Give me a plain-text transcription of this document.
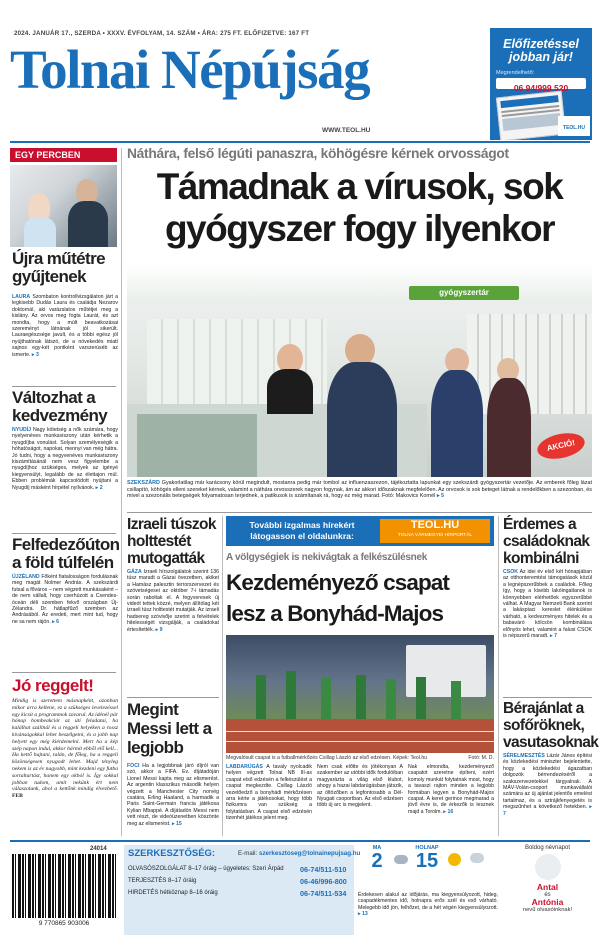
2024. JANUÁR 17., SZERDA • XXXV. ÉVFOLYAM, 14. SZÁM • ÁRA: 275 FT. ELŐFIZETVE: 167 FT
Tolnai Népújság
WWW.TEOL.HU
Előfizetéssel
jobban jár!
Megrendelhető:
06 94/999 520
TEOL.HU
EGY PERCBEN
Újra műtétre gyűjtenek
LAURA Szombaton kontrollvizsgálaton járt a legkisebb Dudás Laura és családja Nezarov doktornál, aki varázslatos műtétjei meg a kislány. Az orvos meg fogta Laurát, és azt mondta, hogy a múlt beavatkozásai szereményt látnának jól sikerült. Lauraegészsége javult, és a többi egész jól nyújthatónak látszó, de a növekedés miatt sajnos egy-két pontként varszerúséb az ismerte. ▸ 3
Változhat a kedvezmény
NYUDÍJ Nagy kötetség a nők számára, hogy nyelyenéves munkaviszony után kérhetik a nyugdíjba vonulást. Solyan személyeségik a hóhatóságot, napokat, mennyi van még hátra. Jó tudni, hogy a negyvenéves munkaviszony kiszámításánál nem vesz figyelembe a nyugdíjhoz szükséges, melyek az igényé kiegyensúlyt, legalább de az élettajon múl. Ebben problémák kapcsolódott nyújtani a Nyugdíj másként hírpétel nyílvánok. ▸ 2
Felfedezőúton a föld túlfelén
ÚJZÉLAND Főként fiatalosságon fordulásnak meg magát Nolmer András. A szekszárdi futsal a főváros – nem végzett munkásaként – de nem vállalt, hogy cserhúzott a Csendes-óceán déli szemben fekvő országban Új-Zélandra. Dr. hátlapfűző szemben az Andrásából. Az eredeti, mert mint tud, hogy ne sa nem rájön. ▸ 6
Jó reggelt!
Mindig is szerettem másnapként, azonban mikor arra kellene, ez a szükséges levelezéssel egy kicsit a programmok zavarul. Az idénél pár hónap bombeakciót az úti feladatai, ha kalálhat szállnál és a reggeli helyéken a rossz kívánságokkal lehet beszélgetni, és a jobb nap helyett egy még kiérdemelni. Mert ha a kép szép napon indul, akkor bármit ebből elő kell... Ha kettő hajtani, talán, de főleg, ha a reggeli közönségesen nyugodt lehet. Majd tényleg nekem is az év nagyobb, mint kezdeni egy futba sortaltartást, hanem egy okból is. Így sokkal jobban tudom, amit nekünk ért nem válaszolunk, ahol a kettőnk mindig élvezhető. FEB
Náthára, felső légúti panaszra, köhögésre kérnek orvosságot
Támadnak a vírusok, sok
gyógyszer fogy ilyenkor
gyógyszertár
AKCIÓ!
SZEKSZÁRD Gyakorlatilag már karácsony körül megindult, mostanra pedig már tombol az influenzaszezon, tájékoztatta lapunkat egy szekszárdi gyógyszertár vezetője. Az emberek főleg lázat csillapító, köhögés elleni szereket kérnek, valamint a náthára orvosszerek nagyon fogynak, ám az akkori időszaknak megfelelően. Az orvosok is sok beteget látnak a rendelőkben a szezonban, és mivel a szezonális betegségek folyamatosan terjednek, a patikusok is számítanak rá, hogy ez még marad. Fotó: Makovics Kornél ▸ 5
Izraeli túszok holttestét mutogatták
GÁZA Izraeli hírszolgálatok szerint 136 túsz maradt a Gázai övezetben, akiket a Hamász palesztin terrorszervezet és szövetségesei az október 7-i támadás során raboltak el. A fegyveresek új videót tettek közzé, melyen állítólag két izraeli túsz holttestét mutatják. Az izraeli hadsereg szóvivője szerint a felvételek hitelességét vizsgálják, a családokat értesítették. ▸ 9
Megint Messi lett a legjobb
FOCI Ha a legjobbnak járó díjról van szó, akkor a FIFA. Ev. díjátadóján Lionel Messi kapta meg az elismerést. Az argentin klasszikus második helyen végzett a Manchester City norvég csatára, Erling Haaland, a harmadik a Paris Saint-Germain francia játékosa Kylian Mbappé. A díjátadón Messi nem vett részt, de videóüzenetben köszönte meg az elismerést. ▸ 15
További izgalmas hírekért
látogasson el oldalunkra:
TEOL.HU
TOLNA VÁRMEGYEI HÍRPORTÁL
A völgységiek is nekivágtak a felkészülésnek
Kezdeményező csapat
lesz a Bonyhád-Majos
Megvalósult csapat is a futballmérkőzés Csillag László az első edzésen. Képek: Teol.hu	Fotó: M. D.
LABDARÚGÁS A tavaly nyolcadik helyen végzett Tolnai NB III-as csapat első edzésén a felkészülést a csapat megkezdte. Csillag László vezetőedző a bonyhádi mérkőzésen arra kérte a játékosokat, hogy több fizikumra van szükség a folytatásban. A csapat első edzésén tizenhét játékos jelent meg.
Nem csak előtte és jótékonyan A szakember az utóbbi idők fordulóiban magyarázta a világ első klubot, ahogy a hazai labdarúgásban játszik, az öltözőben a legfontosabb a Dél-Nyugati csoportban. Az első edzésen több új arc is megjelent.
Nak elmondta, kezdeményező csapatot szeretne építeni, ezért komoly munkát folytatnak most, hogy a tavaszi rajton minden a legjobb formában legyen a Bonyhád-Majos csapat. A keret gerince megmarad a jövő évre is, de érkezők is lesznek majd a Torolm. ▸ 16
Érdemes a családoknak kombinálni
CSOK Az idei év első két hónapjában az otthonteremtési támogatások közül a legnépszerűbbek a családok. Főleg így, hogy a kisebb lakóingatlanok is könnyebben elérhetőek egyszerűbbé válhat. A Magyar Nemzeti Bank szerint a lakáspiaci kereslet élénkülése várható, a kedvezményes hitelek és a babaváró kölcsön kombinálása előnyös lehet, valamint a falusi CSOK is népszerű maradt. ▸ 7
Bérajánlat a sofőröknek, vasutasoknak
SÉRELMESZTÉS Lázár János építési és közlekedési miniszter bejelentette, hogy a közlekedési ágazatban dolgozók bérrendezéséről a szakszervezetekkel tárgyalnak. A MÁV-Volán-csoport munkavállalói számára az új ajánlat jelentős emelést tartalmaz, és a sztrájkfenyegetés is megszűnhet a következő hetekben. ▸ 7
24014
9 770865 903006
SZERKESZTŐSÉG:	E-mail: szerkesztoseg@tolnainepujsag.hu
OLVASÓSZOLGÁLAT 8–17 óráig – ügyeletes: Szeri Árpád 06-74/511-510
TERJESZTÉS 8–17 óráig	06-46/996-800
HIRDETÉS hétköznap 8–16 óráig	06-74/511-534
MA
2
HOLNAP
15
Érdekesen alakul az időjárás, ma kiegyensúlyozott, hideg, csapadékmentes idő, holnapra erős szél és eső várható. Melegebb idő jön, felhőzet, de a hét végén kiegyensúlyozott. ▸ 13
Boldog névnapot
Antal
és
Antónia
nevű olvasóinknak!
